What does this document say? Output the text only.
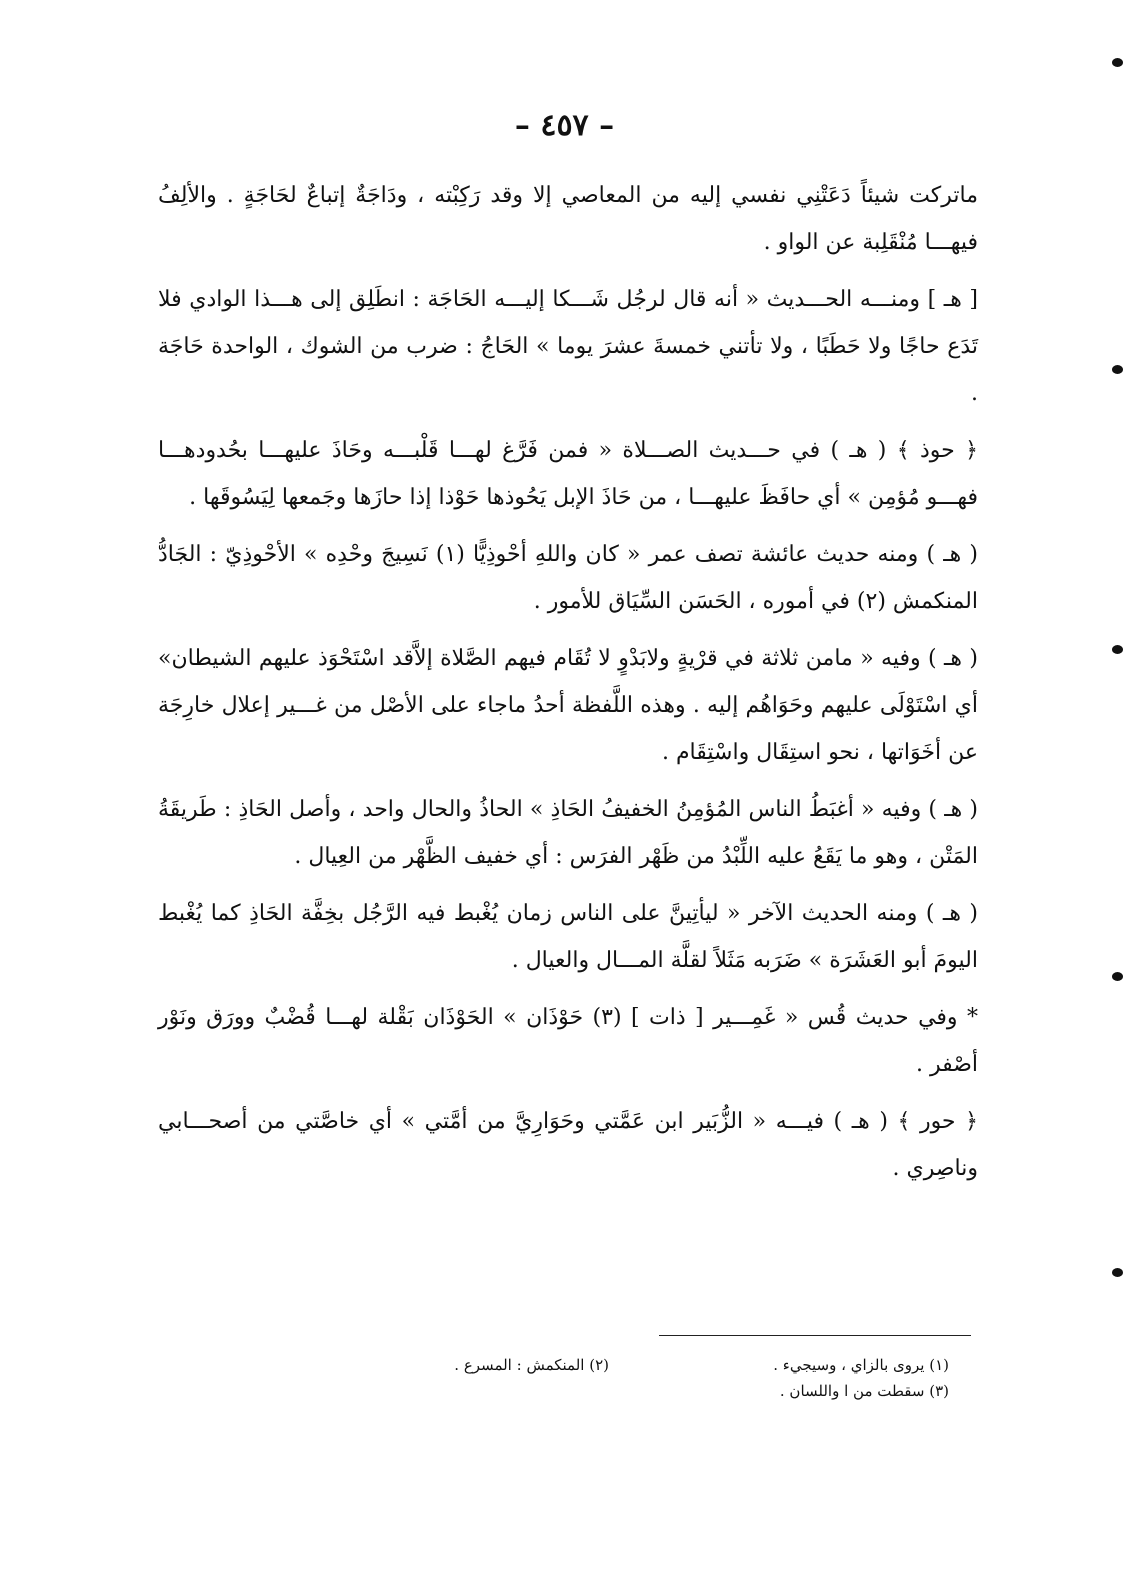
– ٤٥٧ –

ماتركت شيئاً دَعَتْنِي نفسي إليه من المعاصي إلا وقد رَكِبْته ، ودَاجَةٌ إتباعٌ لحَاجَةٍ . والألِفُ فيهـــا مُنْقَلِبة عن الواو .

[ هـ ] ومنـــه الحـــديث « أنه قال لرجُل شَـــكا إليـــه الحَاجَة : انطَلِق إلى هـــذا الوادي فلا تَدَع حاجًا ولا حَطَبًا ، ولا تأتني خمسةَ عشرَ يوما » الحَاجُ : ضرب من الشوك ، الواحدة حَاجَة .

﴿ حوذ ﴾ ( هـ ) في حـــديث الصـــلاة « فمن فَرَّغ لهـــا قَلْبـــه وحَاذَ عليهـــا بحُدودهـــا فهـــو مُؤمِن » أي حافَظَ عليهـــا ، من حَاذَ الإبل يَحُوذها حَوْذا إذا حازَها وجَمعها لِيَسُوقَها .

( هـ ) ومنه حديث عائشة تصف عمر « كان واللهِ أحْوذِيًّا (١) نَسِيجَ وحْدِه » الأحْوذِيّ : الجَادُّ المنكمش (٢) في أموره ، الحَسَن السِّيَاق للأمور .

( هـ ) وفيه « مامن ثلاثة في قرْيةٍ ولابَدْوٍ لا تُقَام فيهم الصَّلاة إلاَّقد اسْتَحْوَذ عليهم الشيطان» أي اسْتَوْلَى عليهم وحَوَاهُم إليه . وهذه اللَّفظة أحدُ ماجاء على الأصْل من غـــير إعلال خارِجَة عن أخَوَاتها ، نحو استِقَال واسْتِقَام .

( هـ ) وفيه « أغبَطُ الناس المُؤمِنُ الخفيفُ الحَاذِ » الحاذُ والحال واحد ، وأصل الحَاذِ : طَريقَةُ المَتْن ، وهو ما يَقَعُ عليه اللِّبْدُ من ظَهْر الفرَس : أي خفيف الظَّهْر من العِيال .

( هـ ) ومنه الحديث الآخر « ليأتِينَّ على الناس زمان يُغْبط فيه الرَّجُل بخِفَّة الحَاذِ كما يُغْبط اليومَ أبو العَشَرَة » ضَرَبه مَثَلاً لقلَّة المـــال والعيال .

* وفي حديث قُس « غَمِـــير [ ذات ] (٣) حَوْذَان » الحَوْذَان بَقْلة لهـــا قُضْبٌ وورَق ونَوْر أصْفر .

﴿ حور ﴾ ( هـ ) فيـــه « الزُّبَير ابن عَمَّتي وحَوَارِيَّ من أمَّتي » أي خاصَّتي من أصحـــابي وناصِري .

(١) يروى بالزاي ، وسيجيء .
(٢) المنكمش : المسرع .
(٣) سقطت من ا واللسان .
